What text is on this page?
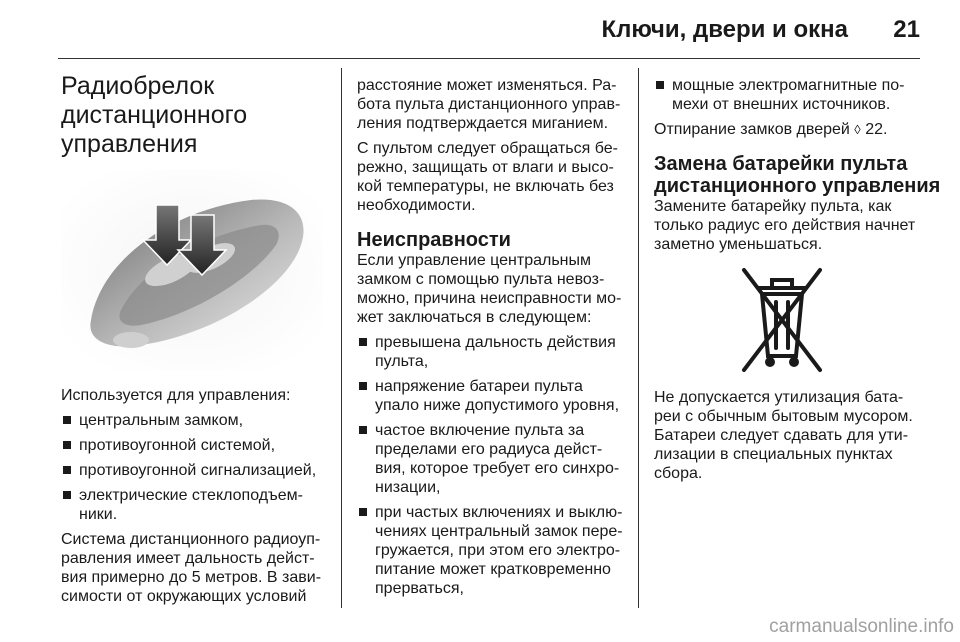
Ключи, двери и окна 21
Радиобрелок
дистанционного
управления

Используется для управления:

центральным замком,
противоугонной системой,
противоугонной сигнализацией,
электрические стеклоподъем-
ники.

Система дистанционного радиоуп-
равления имеет дальность дейст-
вия примерно до 5 метров. В зави-
симости от окружающих условий

расстояние может изменяться. Ра-
бота пульта дистанционного управ-
ления подтверждается миганием.

С пультом следует обращаться бе-
режно, защищать от влаги и высо-
кой температуры, не включать без
необходимости.

Неисправности

Если управление центральным
замком с помощью пульта невоз-
можно, причина неисправности мо-
жет заключаться в следующем:

превышена дальность действия
пульта,
напряжение батареи пульта
упало ниже допустимого уровня,
частое включение пульта за
пределами его радиуса дейст-
вия, которое требует его синхро-
низации,
при частых включениях и выклю-
чениях центральный замок пере-
гружается, при этом его электро-
питание может кратковременно
прерваться,
мощные электромагнитные по-
мехи от внешних источников.

Отпирание замков дверей ◊ 22.

Замена батарейки пульта
дистанционного управления

Замените батарейку пульта, как
только радиус его действия начнет
заметно уменьшаться.

Не допускается утилизация бата-
реи с обычным бытовым мусором.
Батареи следует сдавать для ути-
лизации в специальных пунктах
сбора.

carmanualsonline.info
